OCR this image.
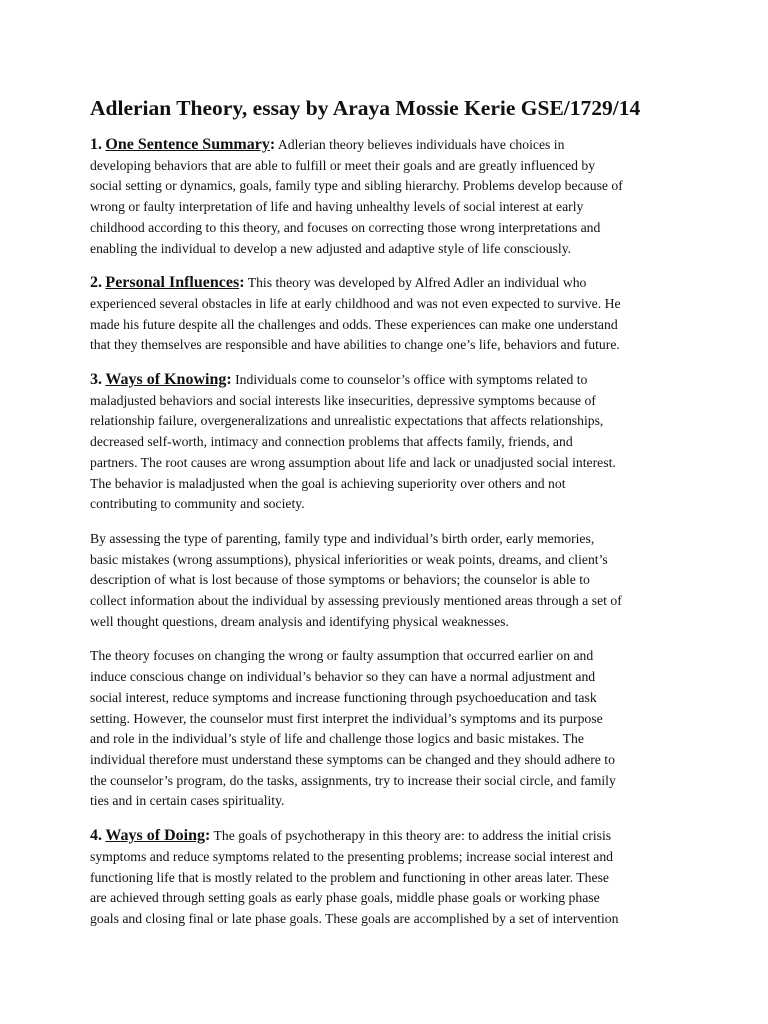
Adlerian Theory, essay by Araya Mossie Kerie GSE/1729/14
1. One Sentence Summary: Adlerian theory believes individuals have choices in
developing behaviors that are able to fulfill or meet their goals and are greatly influenced by
social setting or dynamics, goals, family type and sibling hierarchy. Problems develop because of
wrong or faulty interpretation of life and having unhealthy levels of social interest at early
childhood according to this theory, and focuses on correcting those wrong interpretations and
enabling the individual to develop a new adjusted and adaptive style of life consciously.
2. Personal Influences: This theory was developed by Alfred Adler an individual who
experienced several obstacles in life at early childhood and was not even expected to survive. He
made his future despite all the challenges and odds. These experiences can make one understand
that they themselves are responsible and have abilities to change one’s life, behaviors and future.
3. Ways of Knowing: Individuals come to counselor’s office with symptoms related to
maladjusted behaviors and social interests like insecurities, depressive symptoms because of
relationship failure, overgeneralizations and unrealistic expectations that affects relationships,
decreased self-worth, intimacy and connection problems that affects family, friends, and
partners. The root causes are wrong assumption about life and lack or unadjusted social interest.
The behavior is maladjusted when the goal is achieving superiority over others and not
contributing to community and society.
By assessing the type of parenting, family type and individual’s birth order, early memories,
basic mistakes (wrong assumptions), physical inferiorities or weak points, dreams, and client’s
description of what is lost because of those symptoms or behaviors; the counselor is able to
collect information about the individual by assessing previously mentioned areas through a set of
well thought questions, dream analysis and identifying physical weaknesses.
The theory focuses on changing the wrong or faulty assumption that occurred earlier on and
induce conscious change on individual’s behavior so they can have a normal adjustment and
social interest, reduce symptoms and increase functioning through psychoeducation and task
setting. However, the counselor must first interpret the individual’s symptoms and its purpose
and role in the individual’s style of life and challenge those logics and basic mistakes. The
individual therefore must understand these symptoms can be changed and they should adhere to
the counselor’s program, do the tasks, assignments, try to increase their social circle, and family
ties and in certain cases spirituality.
4. Ways of Doing: The goals of psychotherapy in this theory are: to address the initial crisis
symptoms and reduce symptoms related to the presenting problems; increase social interest and
functioning life that is mostly related to the problem and functioning in other areas later. These
are achieved through setting goals as early phase goals, middle phase goals or working phase
goals and closing final or late phase goals. These goals are accomplished by a set of intervention
